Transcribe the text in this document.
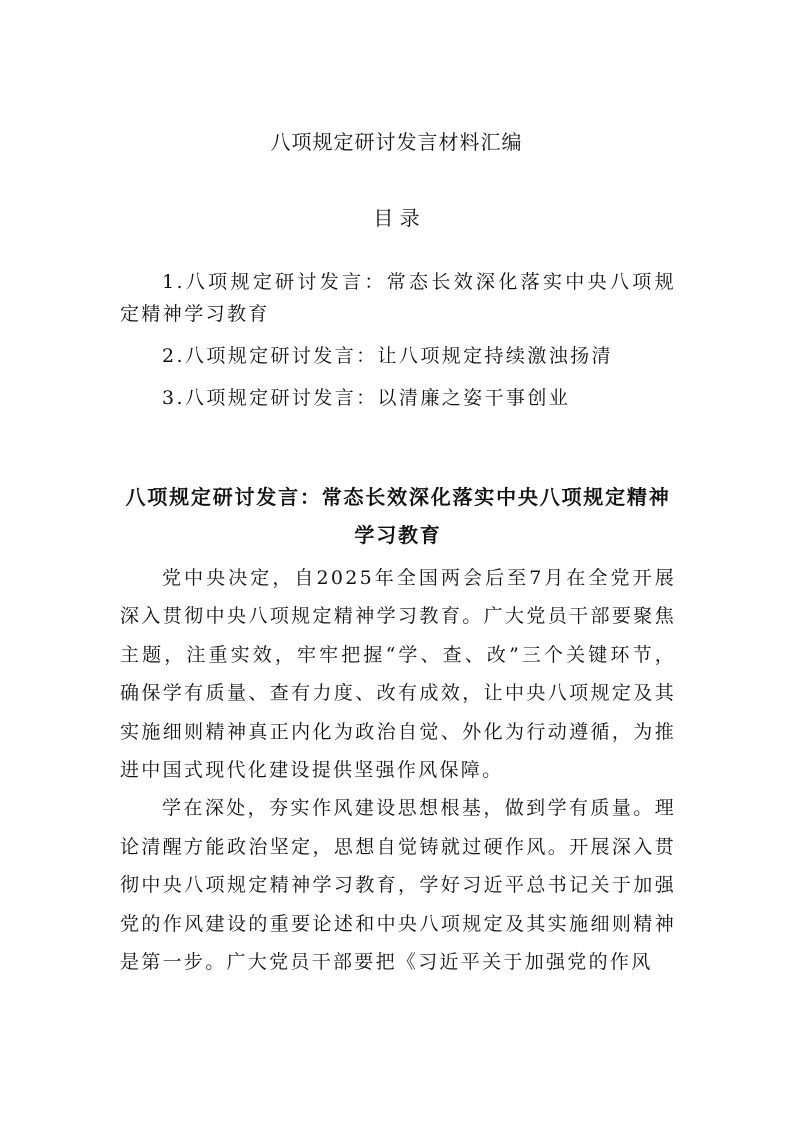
八项规定研讨发言材料汇编
目 录

1.八项规定研讨发言：常态长效深化落实中央八项规定精神学习教育

2.八项规定研讨发言：让八项规定持续激浊扬清

3.八项规定研讨发言：以清廉之姿干事创业

八项规定研讨发言：常态长效深化落实中央八项规定精神学习教育

党中央决定，自2025年全国两会后至7月在全党开展深入贯彻中央八项规定精神学习教育。广大党员干部要聚焦主题，注重实效，牢牢把握“学、查、改”三个关键环节，确保学有质量、查有力度、改有成效，让中央八项规定及其实施细则精神真正内化为政治自觉、外化为行动遵循，为推进中国式现代化建设提供坚强作风保障。

学在深处，夯实作风建设思想根基，做到学有质量。理论清醒方能政治坚定，思想自觉铸就过硬作风。开展深入贯彻中央八项规定精神学习教育，学好习近平总书记关于加强党的作风建设的重要论述和中央八项规定及其实施细则精神是第一步。广大党员干部要把《习近平关于加强党的作风
